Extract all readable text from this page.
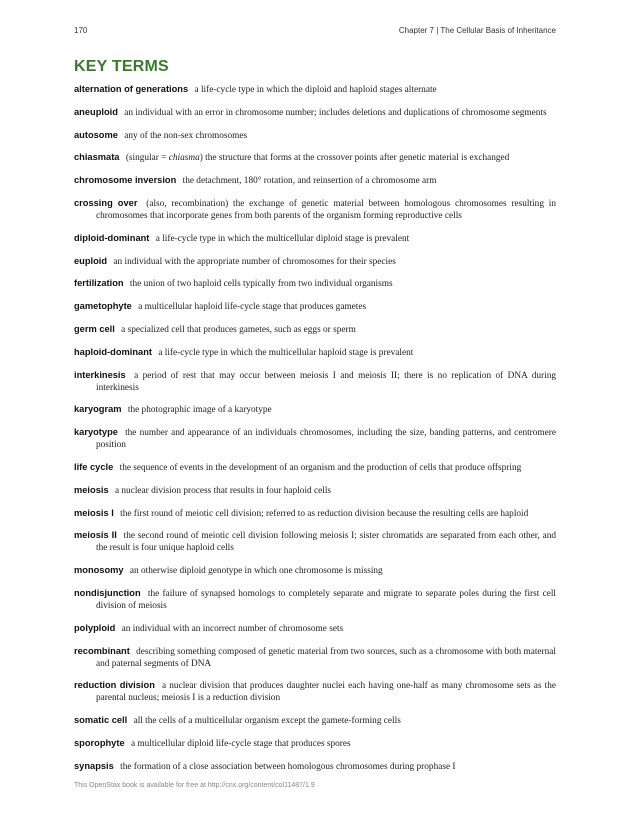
170	Chapter 7 | The Cellular Basis of Inheritance
KEY TERMS

alternation of generations a life-cycle type in which the diploid and haploid stages alternate

aneuploid an individual with an error in chromosome number; includes deletions and duplications of chromosome segments

autosome any of the non-sex chromosomes

chiasmata (singular = chiasma) the structure that forms at the crossover points after genetic material is exchanged

chromosome inversion the detachment, 180° rotation, and reinsertion of a chromosome arm

crossing over (also, recombination) the exchange of genetic material between homologous chromosomes resulting in chromosomes that incorporate genes from both parents of the organism forming reproductive cells

diploid-dominant a life-cycle type in which the multicellular diploid stage is prevalent

euploid an individual with the appropriate number of chromosomes for their species

fertilization the union of two haploid cells typically from two individual organisms

gametophyte a multicellular haploid life-cycle stage that produces gametes

germ cell a specialized cell that produces gametes, such as eggs or sperm

haploid-dominant a life-cycle type in which the multicellular haploid stage is prevalent

interkinesis a period of rest that may occur between meiosis I and meiosis II; there is no replication of DNA during interkinesis

karyogram the photographic image of a karyotype

karyotype the number and appearance of an individuals chromosomes, including the size, banding patterns, and centromere position

life cycle the sequence of events in the development of an organism and the production of cells that produce offspring

meiosis a nuclear division process that results in four haploid cells

meiosis I the first round of meiotic cell division; referred to as reduction division because the resulting cells are haploid

meiosis II the second round of meiotic cell division following meiosis I; sister chromatids are separated from each other, and the result is four unique haploid cells

monosomy an otherwise diploid genotype in which one chromosome is missing

nondisjunction the failure of synapsed homologs to completely separate and migrate to separate poles during the first cell division of meiosis

polyploid an individual with an incorrect number of chromosome sets

recombinant describing something composed of genetic material from two sources, such as a chromosome with both maternal and paternal segments of DNA

reduction division a nuclear division that produces daughter nuclei each having one-half as many chromosome sets as the parental nucleus; meiosis I is a reduction division

somatic cell all the cells of a multicellular organism except the gamete-forming cells

sporophyte a multicellular diploid life-cycle stage that produces spores

synapsis the formation of a close association between homologous chromosomes during prophase I

This OpenStax book is available for free at http://cnx.org/content/col11487/1.9
